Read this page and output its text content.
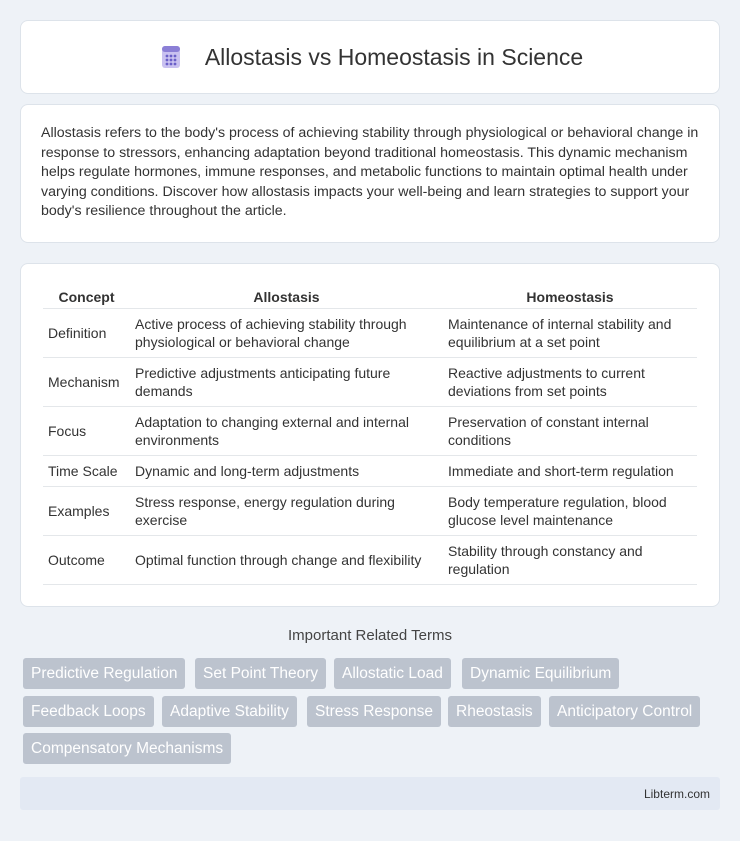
Allostasis vs Homeostasis in Science

Allostasis refers to the body's process of achieving stability through physiological or behavioral change in response to stressors, enhancing adaptation beyond traditional homeostasis. This dynamic mechanism helps regulate hormones, immune responses, and metabolic functions to maintain optimal health under varying conditions. Discover how allostasis impacts your well-being and learn strategies to support your body's resilience throughout the article.

Concept	Allostasis	Homeostasis
Definition	Active process of achieving stability through physiological or behavioral change	Maintenance of internal stability and equilibrium at a set point
Mechanism	Predictive adjustments anticipating future demands	Reactive adjustments to current deviations from set points
Focus	Adaptation to changing external and internal environments	Preservation of constant internal conditions
Time Scale	Dynamic and long-term adjustments	Immediate and short-term regulation
Examples	Stress response, energy regulation during exercise	Body temperature regulation, blood glucose level maintenance
Outcome	Optimal function through change and flexibility	Stability through constancy and regulation
Important Related Terms
Predictive Regulation	Set Point Theory	Allostatic Load	Dynamic Equilibrium
Feedback Loops	Adaptive Stability	Stress Response	Rheostasis	Anticipatory Control
Compensatory Mechanisms
Libterm.com
